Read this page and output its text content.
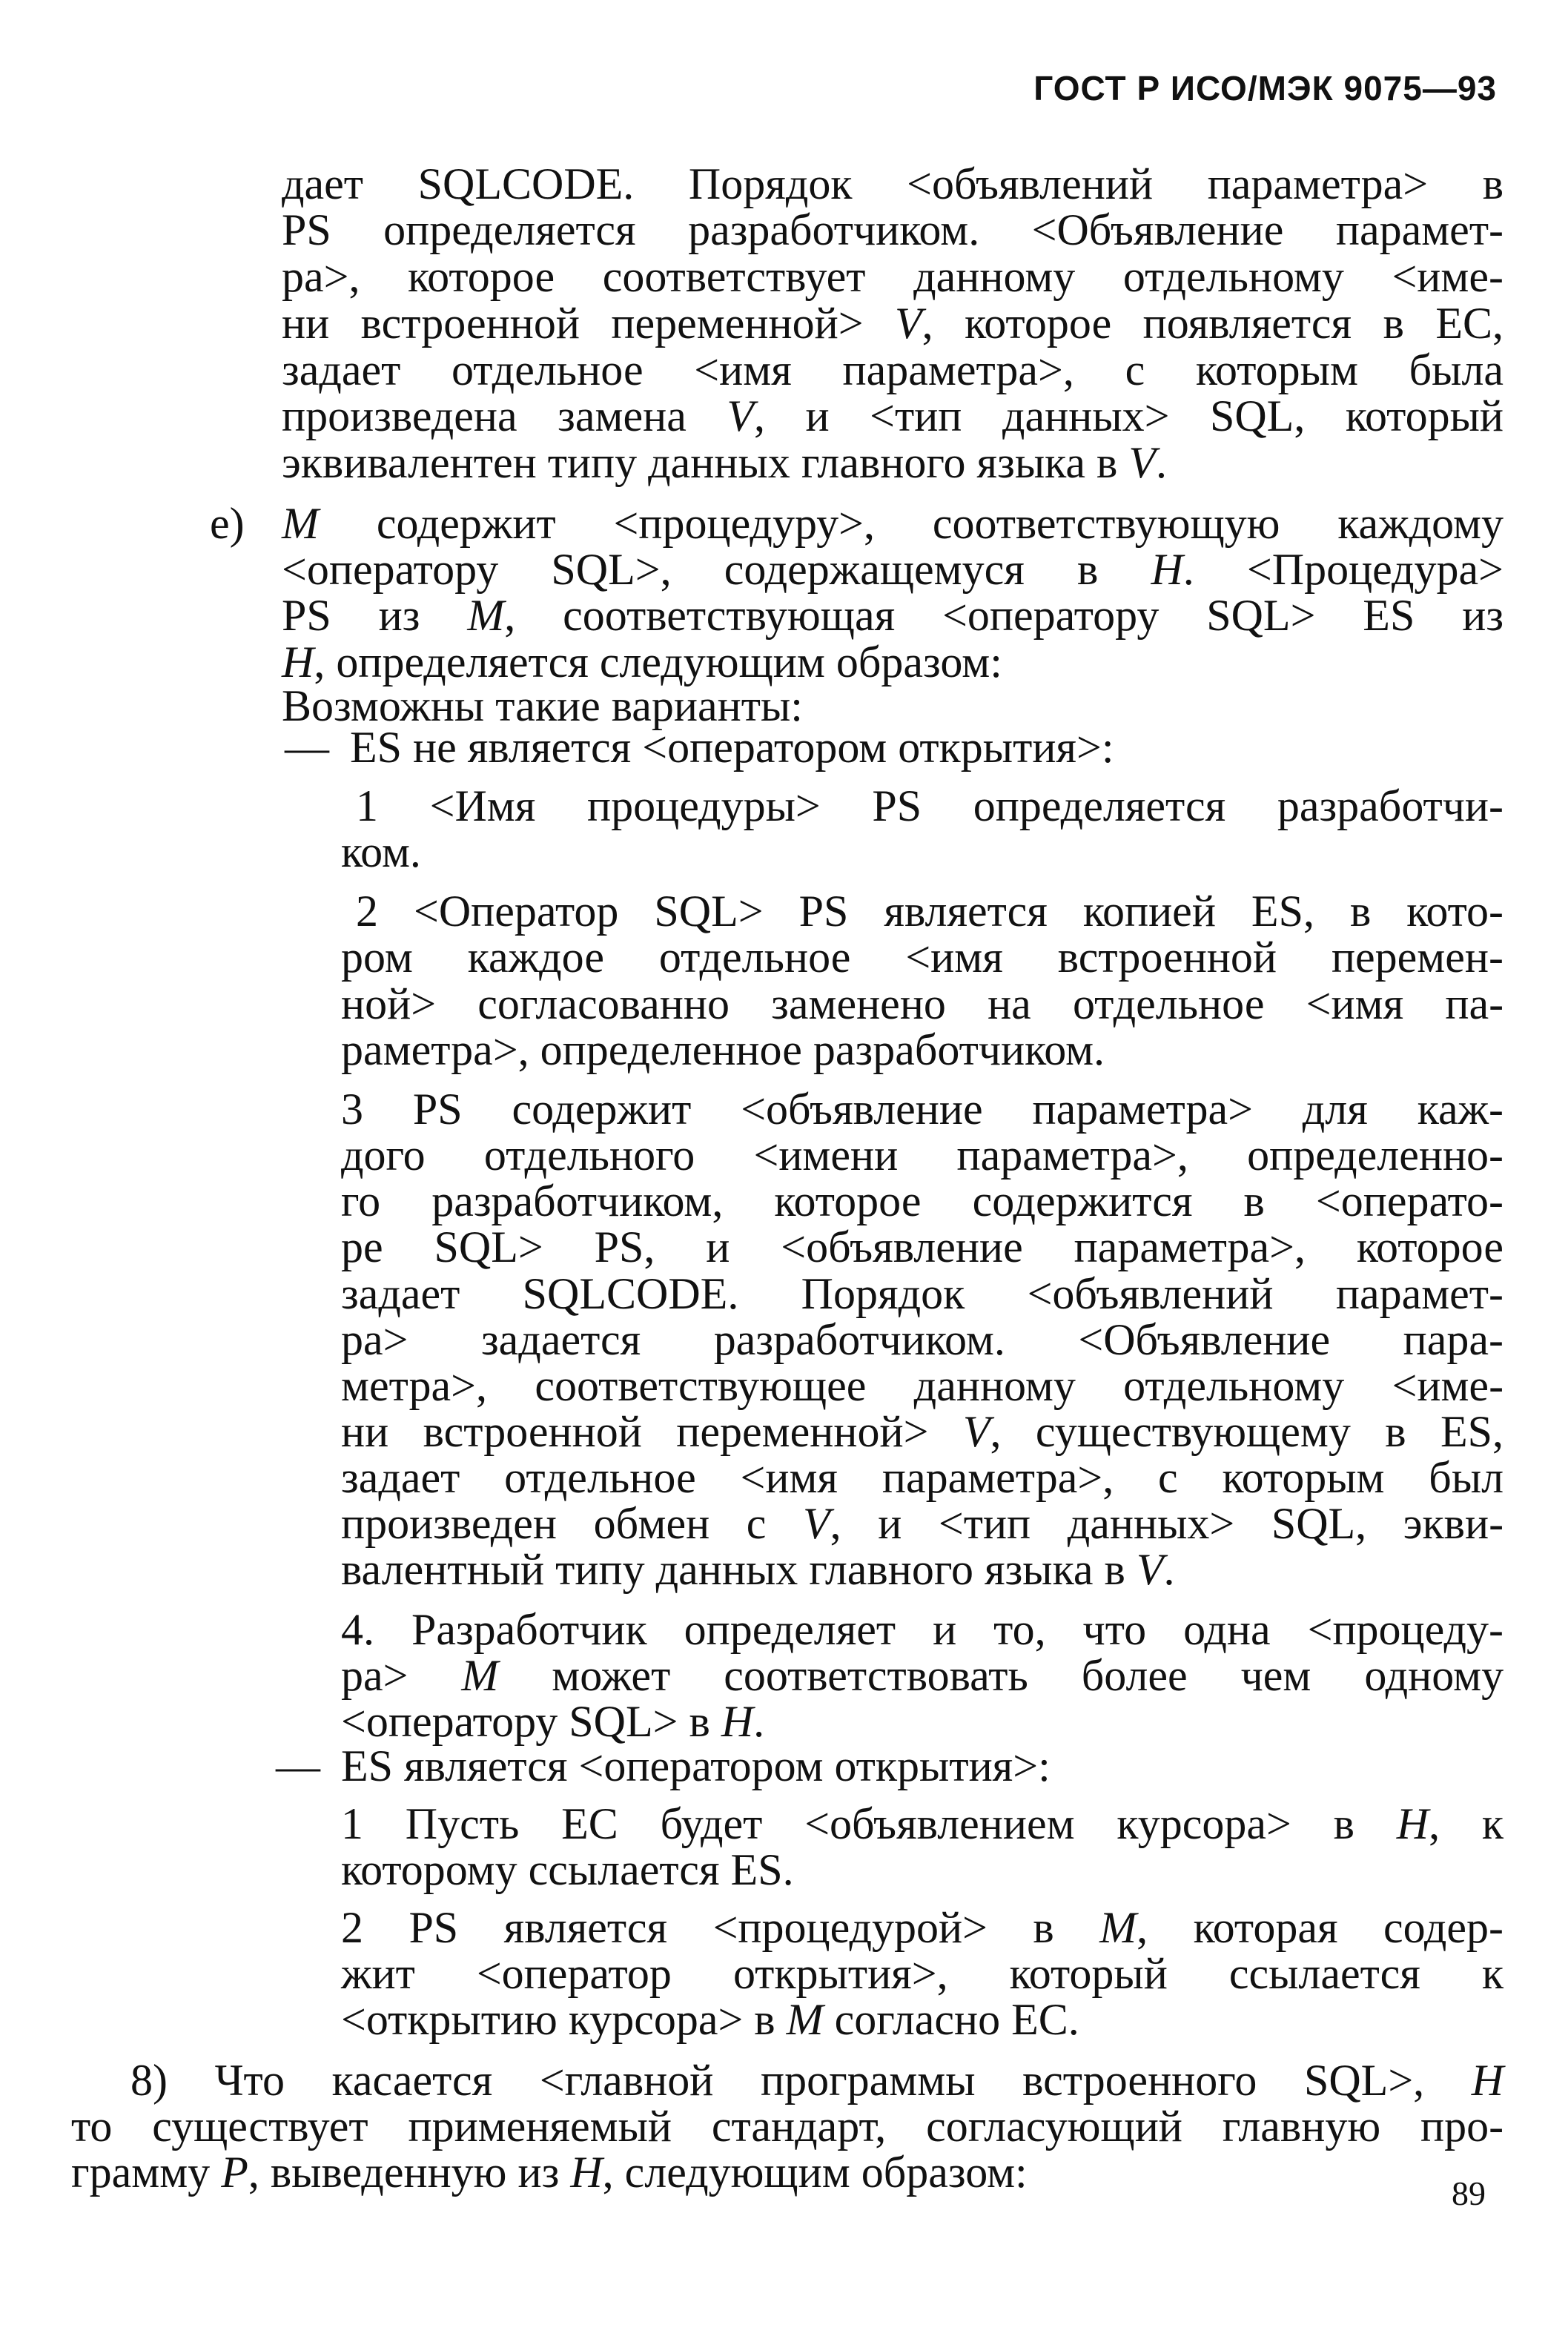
ГОСТ Р ИСО/МЭК 9075—93
е)
—
—
дает SQLCODE. Порядок <объявлений параметра> в
PS определяется разработчиком. <Объявление парамет-
ра>, которое соответствует данному отдельному <име-
ни встроенной переменной> V, которое появляется в EC,
задает отдельное <имя параметра>, с которым была
произведена замена V, и <тип данных> SQL, который
эквивалентен типу данных главного языка в V.
M содержит <процедуру>, соответствующую каждому
<оператору SQL>, содержащемуся в H. <Процедура>
PS из M, соответствующая <оператору SQL> ES из
H, определяется следующим образом:
Возможны такие варианты:
ES не является <оператором открытия>:
1 <Имя процедуры> PS определяется разработчи-
ком.
2 <Оператор SQL> PS является копией ES, в кото-
ром каждое отдельное <имя встроенной перемен-
ной> согласованно заменено на отдельное <имя па-
раметра>, определенное разработчиком.
3 PS содержит <объявление параметра> для каж-
дого отдельного <имени параметра>, определенно-
го разработчиком, которое содержится в <операто-
ре SQL> PS, и <объявление параметра>, которое
задает SQLCODE. Порядок <объявлений парамет-
ра> задается разработчиком. <Объявление пара-
метра>, соответствующее данному отдельному <име-
ни встроенной переменной> V, существующему в ES,
задает отдельное <имя параметра>, с которым был
произведен обмен с V, и <тип данных> SQL, экви-
валентный типу данных главного языка в V.
4. Разработчик определяет и то, что одна <процеду-
ра> M может соответствовать более чем одному
<оператору SQL> в H.
ES является <оператором открытия>:
1 Пусть EC будет <объявлением курсора> в H, к
которому ссылается ES.
2 PS является <процедурой> в M, которая содер-
жит <оператор открытия>, который ссылается к
<открытию курсора> в M согласно EC.
8) Что касается <главной программы встроенного SQL>, H
то существует применяемый стандарт, согласующий главную про-
грамму P, выведенную из H, следующим образом:	89
